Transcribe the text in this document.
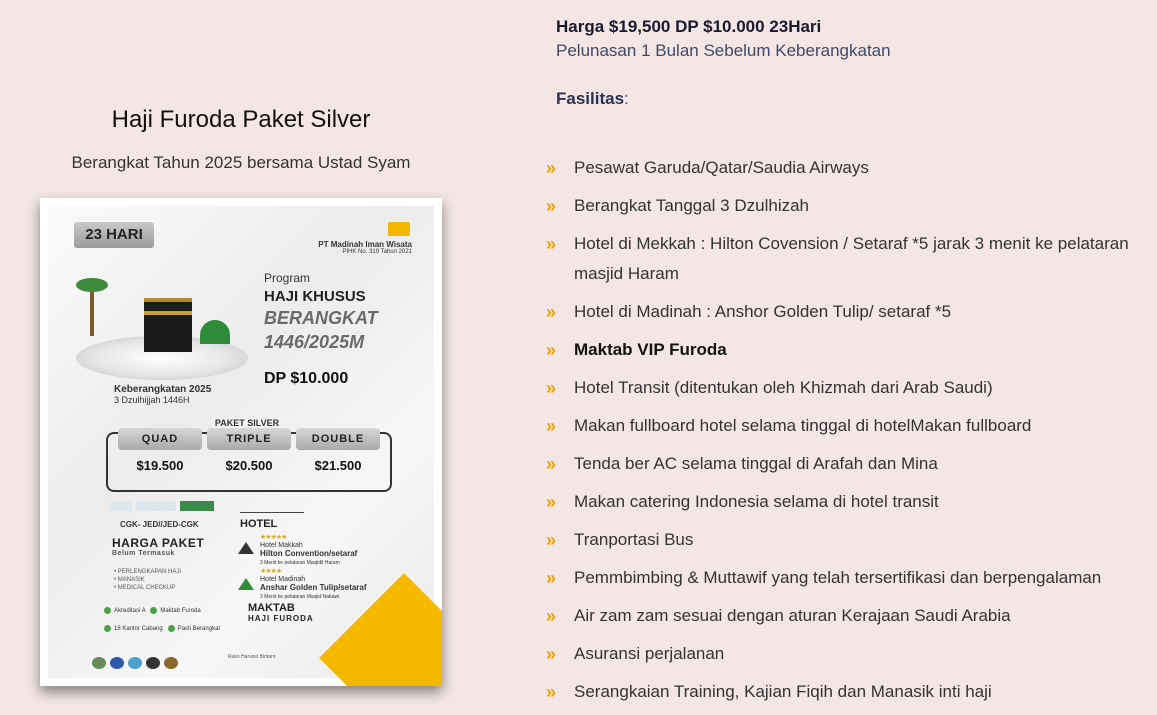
Haji Furoda Paket Silver
Berangkat Tahun 2025 bersama Ustad Syam
23 HARI
PT Madinah Iman Wisata
PIHK No. 319 Tahun 2021
Program
HAJI KHUSUS
BERANGKAT
1446/2025M
DP $10.000
Keberangkatan 2025
3 Dzulhijjah 1446H
PAKET SILVER
QUAD
$19.500
TRIPLE
$20.500
DOUBLE
$21.500
CGK- JED//JED-CGK
HARGA PAKET
Belum Termasuk
• PERLENGKAPAN HAJI
• MANASIK
• MEDICAL CHECKUP
Akreditasi A	Maktab Furoda
18 Kantor Cabang	Pasti Berangkat
HOTEL
★★★★★
Hotel Makkah
Hilton Convention/setaraf
3 Menit ke pelataran Masjidil Haram
★★★★
Hotel Madinah
Anshar Golden Tulip/setaraf
3 Menit ke pelataran Masjid Nabawi
MAKTAB
HAJI FURODA
Ruko Harvest Bintaro
Harga $19,500 DP $10.000 23Hari
Pelunasan 1 Bulan Sebelum Keberangkatan
Fasilitas:
» Pesawat Garuda/Qatar/Saudia Airways
» Berangkat Tanggal 3 Dzulhizah
» Hotel di Mekkah : Hilton Covension / Setaraf *5 jarak 3 menit ke pelataran masjid Haram
» Hotel di Madinah : Anshor Golden Tulip/ setaraf *5
» Maktab VIP Furoda
» Hotel Transit (ditentukan oleh Khizmah dari Arab Saudi)
» Makan fullboard hotel selama tinggal di hotelMakan fullboard
» Tenda ber AC selama tinggal di Arafah dan Mina
» Makan catering Indonesia selama di hotel transit
» Tranportasi Bus
» Pemmbimbing & Muttawif yang telah tersertifikasi dan berpengalaman
» Air zam zam sesuai dengan aturan Kerajaan Saudi Arabia
» Asuransi perjalanan
» Serangkaian Training, Kajian Fiqih dan Manasik inti haji
